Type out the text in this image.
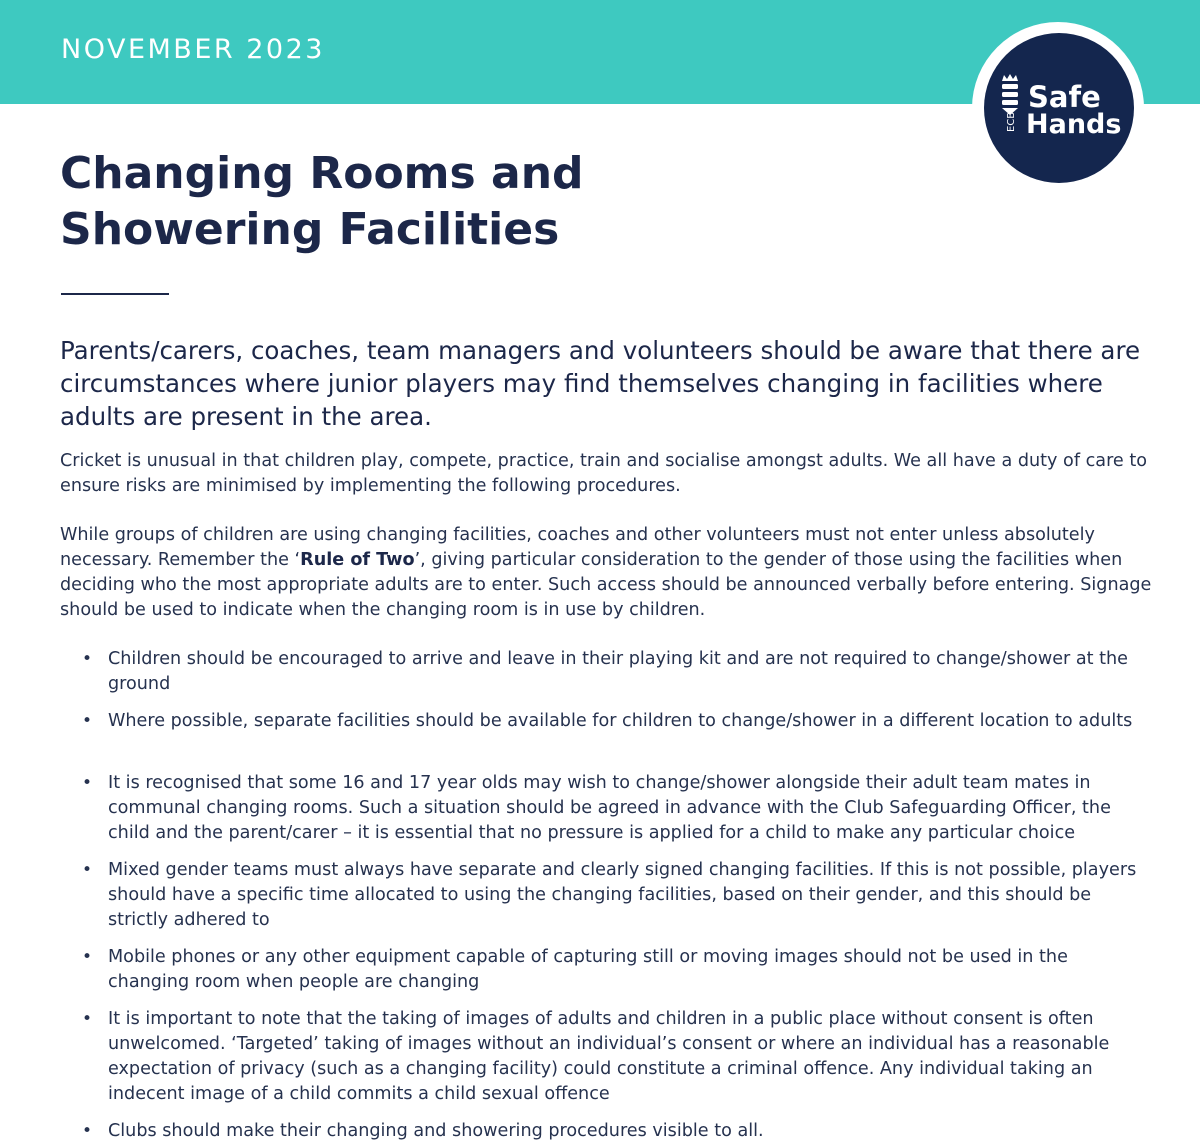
NOVEMBER 2023
ECB
Safe
Hands
Changing Rooms and
Showering Facilities
Parents/carers, coaches, team managers and volunteers should be aware that there are circumstances where junior players may find themselves changing in facilities where adults are present in the area.
Cricket is unusual in that children play, compete, practice, train and socialise amongst adults. We all have a duty of care to ensure risks are minimised by implementing the following procedures.
While groups of children are using changing facilities, coaches and other volunteers must not enter unless absolutely necessary. Remember the ‘Rule of Two’, giving particular consideration to the gender of those using the facilities when deciding who the most appropriate adults are to enter. Such access should be announced verbally before entering. Signage should be used to indicate when the changing room is in use by children.
• Children should be encouraged to arrive and leave in their playing kit and are not required to change/shower at the ground
• Where possible, separate facilities should be available for children to change/shower in a different location to adults
• It is recognised that some 16 and 17 year olds may wish to change/shower alongside their adult team mates in communal changing rooms. Such a situation should be agreed in advance with the Club Safeguarding Officer, the child and the parent/carer – it is essential that no pressure is applied for a child to make any particular choice
• Mixed gender teams must always have separate and clearly signed changing facilities. If this is not possible, players should have a specific time allocated to using the changing facilities, based on their gender, and this should be strictly adhered to
• Mobile phones or any other equipment capable of capturing still or moving images should not be used in the changing room when people are changing
• It is important to note that the taking of images of adults and children in a public place without consent is often unwelcomed. ‘Targeted’ taking of images without an individual’s consent or where an individual has a reasonable expectation of privacy (such as a changing facility) could constitute a criminal offence. Any individual taking an indecent image of a child commits a child sexual offence
• Clubs should make their changing and showering procedures visible to all.
